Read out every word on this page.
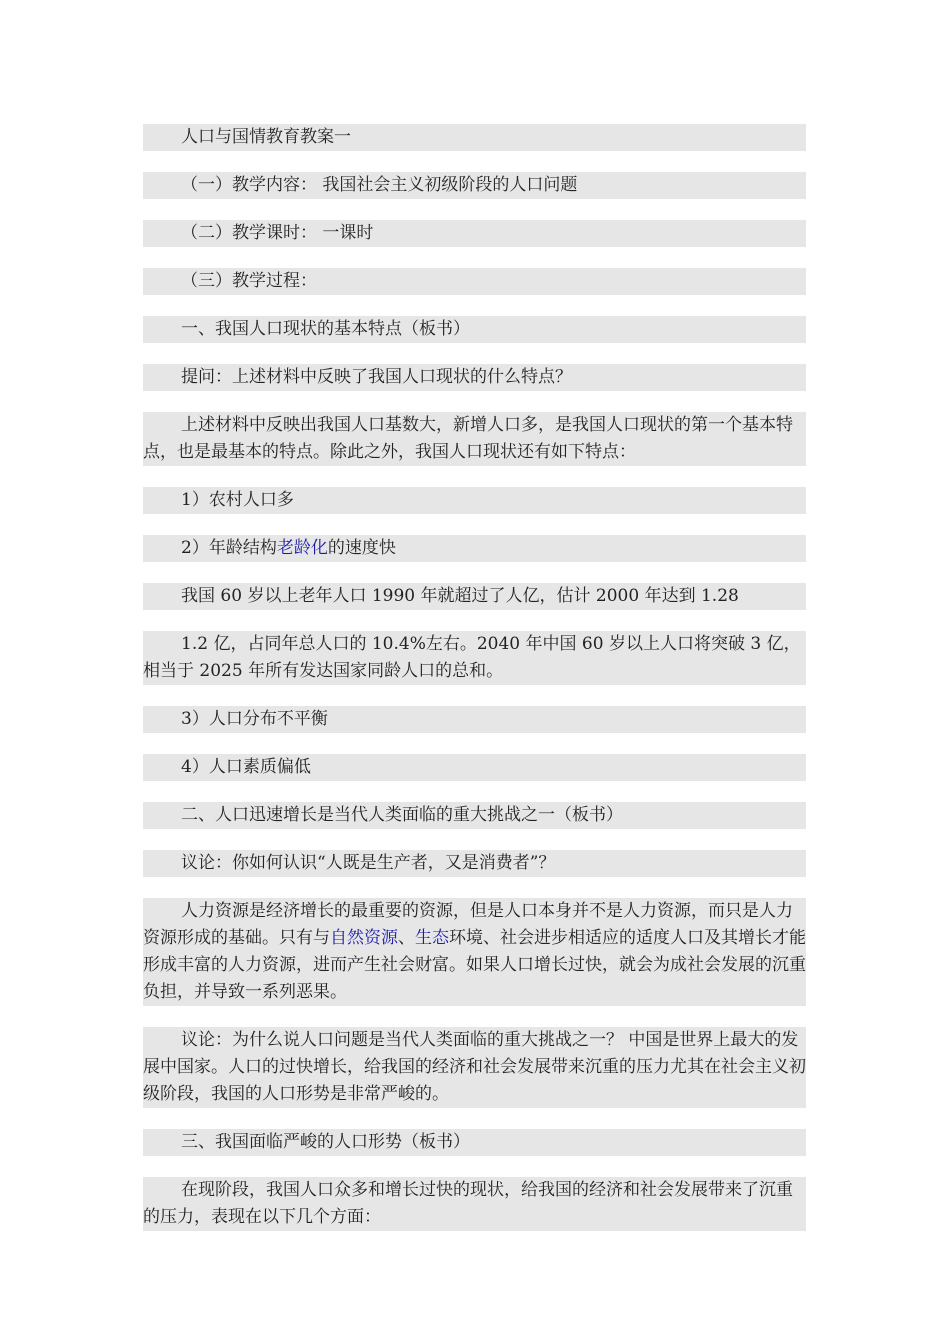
人口与国情教育教案一
（一）教学内容： 我国社会主义初级阶段的人口问题
（二）教学课时： 一课时
（三）教学过程：
一、我国人口现状的基本特点（板书）
提问：上述材料中反映了我国人口现状的什么特点？
上述材料中反映出我国人口基数大，新增人口多，是我国人口现状的第一个基本特点，也是最基本的特点。除此之外，我国人口现状还有如下特点：
1）农村人口多
2）年龄结构老龄化的速度快
我国 60 岁以上老年人口 1990 年就超过了人亿，估计 2000 年达到 1.28
1.2 亿，占同年总人口的 10.4%左右。2040 年中国 60 岁以上人口将突破 3 亿，
相当于 2025 年所有发达国家同龄人口的总和。
3）人口分布不平衡
4）人口素质偏低
二、人口迅速增长是当代人类面临的重大挑战之一（板书）
议论：你如何认识“人既是生产者，又是消费者”？
人力资源是经济增长的最重要的资源，但是人口本身并不是人力资源，而只是人力资源形成的基础。只有与自然资源、生态环境、社会进步相适应的适度人口及其增长才能形成丰富的人力资源，进而产生社会财富。如果人口增长过快，就会为成社会发展的沉重负担，并导致一系列恶果。
议论：为什么说人口问题是当代人类面临的重大挑战之一？ 中国是世界上最大的发展中国家。人口的过快增长，给我国的经济和社会发展带来沉重的压力尤其在社会主义初级阶段，我国的人口形势是非常严峻的。
三、我国面临严峻的人口形势（板书）
在现阶段，我国人口众多和增长过快的现状，给我国的经济和社会发展带来了沉重的压力，表现在以下几个方面：
